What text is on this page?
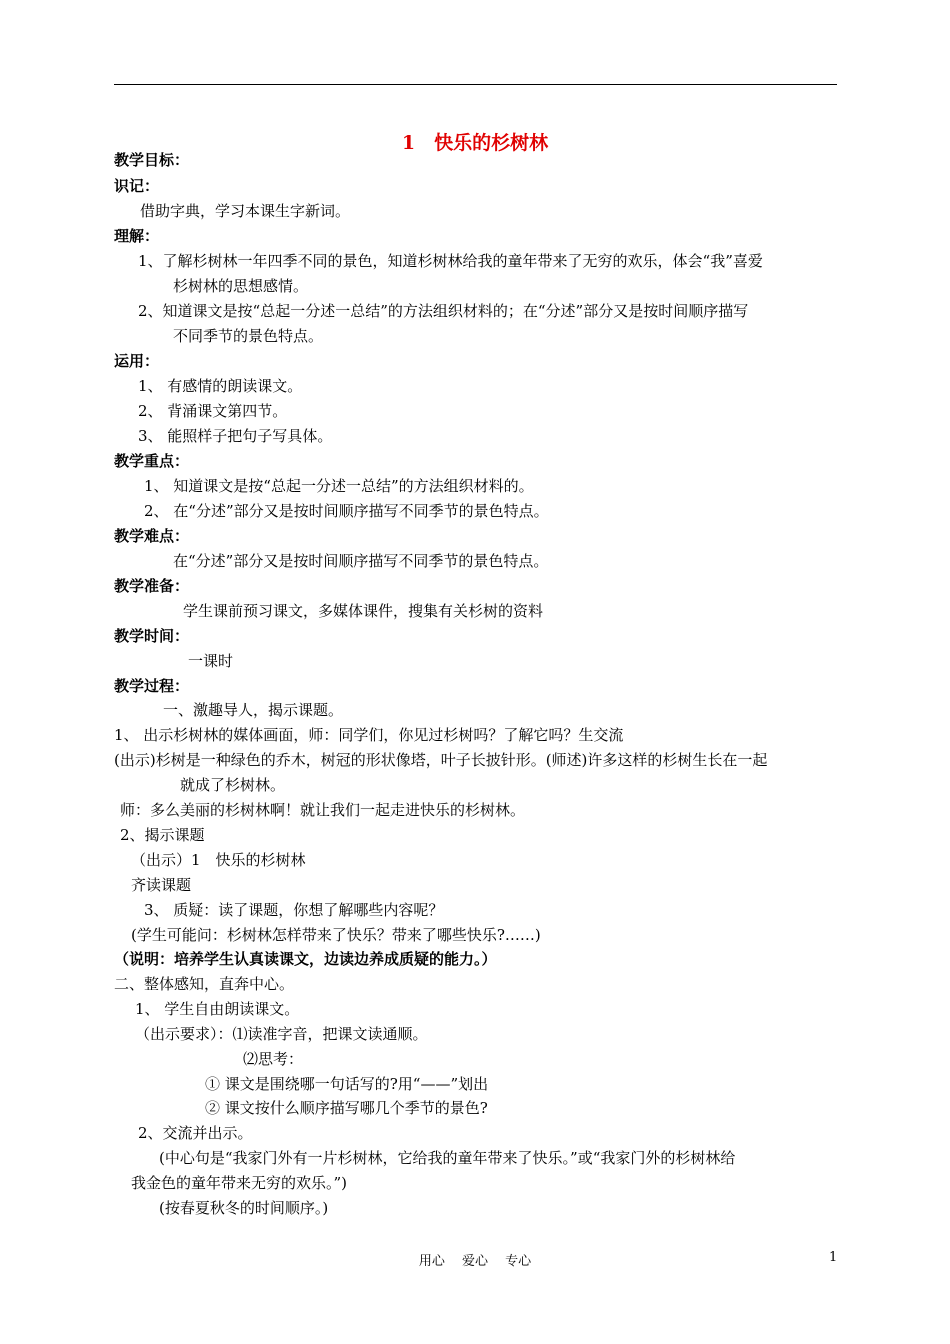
1　快乐的杉树林
教学目标：
识记：
借助字典，学习本课生字新词。
理解：
1、了解杉树林一年四季不同的景色，知道杉树林给我的童年带来了无穷的欢乐，体会“我”喜爱
杉树林的思想感情。
2、知道课文是按“总起一分述一总结”的方法组织材料的；在“分述”部分又是按时间顺序描写
不同季节的景色特点。
运用：
1、 有感情的朗读课文。
2、 背涌课文第四节。
3、 能照样子把句子写具体。
教学重点：
1、 知道课文是按“总起一分述一总结”的方法组织材料的。
2、 在“分述”部分又是按时间顺序描写不同季节的景色特点。
教学难点：
在“分述”部分又是按时间顺序描写不同季节的景色特点。
教学准备：
学生课前预习课文，多媒体课件，搜集有关杉树的资料
教学时间：
一课时
教学过程：
一、激趣导人，揭示课题。
1、 出示杉树林的媒体画面，师：同学们，你见过杉树吗？了解它吗？生交流
(出示)杉树是一种绿色的乔木，树冠的形状像塔，叶子长披针形。(师述)许多这样的杉树生长在一起
就成了杉树林。
师：多么美丽的杉树林啊！就让我们一起走进快乐的杉树林。
2、揭示课题
（出示）1　快乐的杉树林
齐读课题
3、 质疑：读了课题，你想了解哪些内容呢？
(学生可能问：杉树林怎样带来了快乐？带来了哪些快乐?……)
（说明：培养学生认真读课文，边读边养成质疑的能力。）
二、整体感知，直奔中心。
1、 学生自由朗读课文。
（出示要求）：⑴读准字音，把课文读通顺。
⑵思考：
① 课文是围绕哪一句话写的?用“——”划出
② 课文按什么顺序描写哪几个季节的景色?
2、交流并出示。
(中心句是“我家门外有一片杉树林，它给我的童年带来了快乐。”或“我家门外的杉树林给
我金色的童年带来无穷的欢乐。”)
(按春夏秋冬的时间顺序。)
用心　 爱心　 专心	1
